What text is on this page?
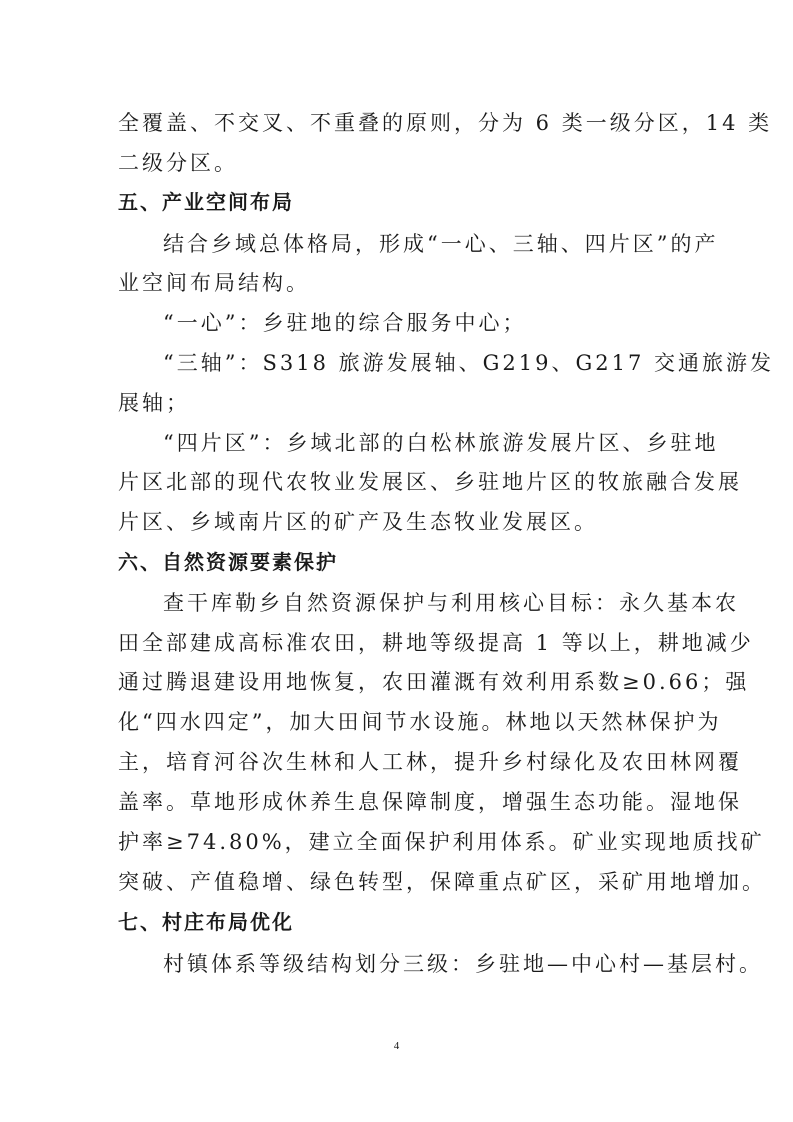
全覆盖、不交叉、不重叠的原则，分为 6 类一级分区，14 类
二级分区。
五、产业空间布局
结合乡域总体格局，形成“一心、三轴、四片区”的产
业空间布局结构。
“一心”：乡驻地的综合服务中心；
“三轴”：S318 旅游发展轴、G219、G217 交通旅游发
展轴；
“四片区”：乡域北部的白松林旅游发展片区、乡驻地
片区北部的现代农牧业发展区、乡驻地片区的牧旅融合发展
片区、乡域南片区的矿产及生态牧业发展区。
六、自然资源要素保护
查干库勒乡自然资源保护与利用核心目标：永久基本农
田全部建成高标准农田，耕地等级提高 1 等以上，耕地减少
通过腾退建设用地恢复，农田灌溉有效利用系数≥0.66；强
化“四水四定”，加大田间节水设施。林地以天然林保护为
主，培育河谷次生林和人工林，提升乡村绿化及农田林网覆
盖率。草地形成休养生息保障制度，增强生态功能。湿地保
护率≥74.80%，建立全面保护利用体系。矿业实现地质找矿
突破、产值稳增、绿色转型，保障重点矿区，采矿用地增加。
七、村庄布局优化
村镇体系等级结构划分三级：乡驻地—中心村—基层村。
4
